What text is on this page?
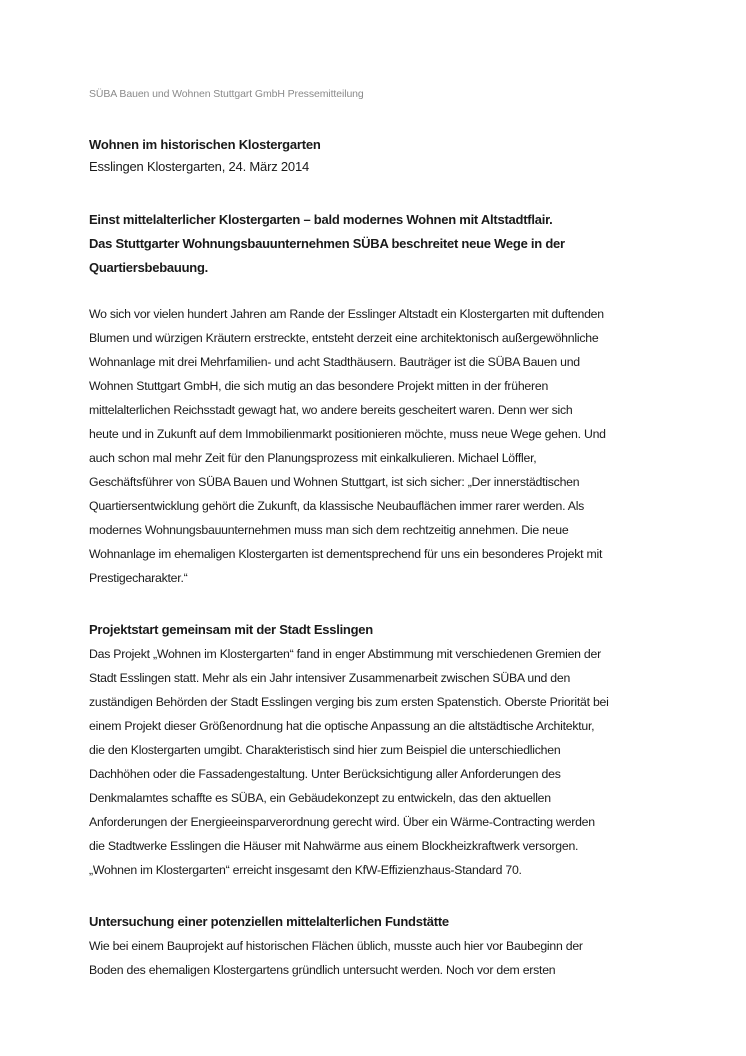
SÜBA Bauen und Wohnen Stuttgart GmbH Pressemitteilung
Wohnen im historischen Klostergarten
Esslingen Klostergarten, 24. März 2014
Einst mittelalterlicher Klostergarten – bald modernes Wohnen mit Altstadtflair.
Das Stuttgarter Wohnungsbauunternehmen SÜBA beschreitet neue Wege in der
Quartiersbebauung.
Wo sich vor vielen hundert Jahren am Rande der Esslinger Altstadt ein Klostergarten mit duftenden
Blumen und würzigen Kräutern erstreckte, entsteht derzeit eine architektonisch außergewöhnliche
Wohnanlage mit drei Mehrfamilien- und acht Stadthäusern. Bauträger ist die SÜBA Bauen und
Wohnen Stuttgart GmbH, die sich mutig an das besondere Projekt mitten in der früheren
mittelalterlichen Reichsstadt gewagt hat, wo andere bereits gescheitert waren. Denn wer sich
heute und in Zukunft auf dem Immobilienmarkt positionieren möchte, muss neue Wege gehen. Und
auch schon mal mehr Zeit für den Planungsprozess mit einkalkulieren. Michael Löffler,
Geschäftsführer von SÜBA Bauen und Wohnen Stuttgart, ist sich sicher: „Der innerstädtischen
Quartiersentwicklung gehört die Zukunft, da klassische Neubauflächen immer rarer werden. Als
modernes Wohnungsbauunternehmen muss man sich dem rechtzeitig annehmen. Die neue
Wohnanlage im ehemaligen Klostergarten ist dementsprechend für uns ein besonderes Projekt mit
Prestigecharakter.“
Projektstart gemeinsam mit der Stadt Esslingen
Das Projekt „Wohnen im Klostergarten“ fand in enger Abstimmung mit verschiedenen Gremien der
Stadt Esslingen statt. Mehr als ein Jahr intensiver Zusammenarbeit zwischen SÜBA und den
zuständigen Behörden der Stadt Esslingen verging bis zum ersten Spatenstich. Oberste Priorität bei
einem Projekt dieser Größenordnung hat die optische Anpassung an die altstädtische Architektur,
die den Klostergarten umgibt. Charakteristisch sind hier zum Beispiel die unterschiedlichen
Dachhöhen oder die Fassadengestaltung. Unter Berücksichtigung aller Anforderungen des
Denkmalamtes schaffte es SÜBA, ein Gebäudekonzept zu entwickeln, das den aktuellen
Anforderungen der Energieeinsparverordnung gerecht wird. Über ein Wärme-Contracting werden
die Stadtwerke Esslingen die Häuser mit Nahwärme aus einem Blockheizkraftwerk versorgen.
„Wohnen im Klostergarten“ erreicht insgesamt den KfW-Effizienzhaus-Standard 70.
Untersuchung einer potenziellen mittelalterlichen Fundstätte
Wie bei einem Bauprojekt auf historischen Flächen üblich, musste auch hier vor Baubeginn der
Boden des ehemaligen Klostergartens gründlich untersucht werden. Noch vor dem ersten
